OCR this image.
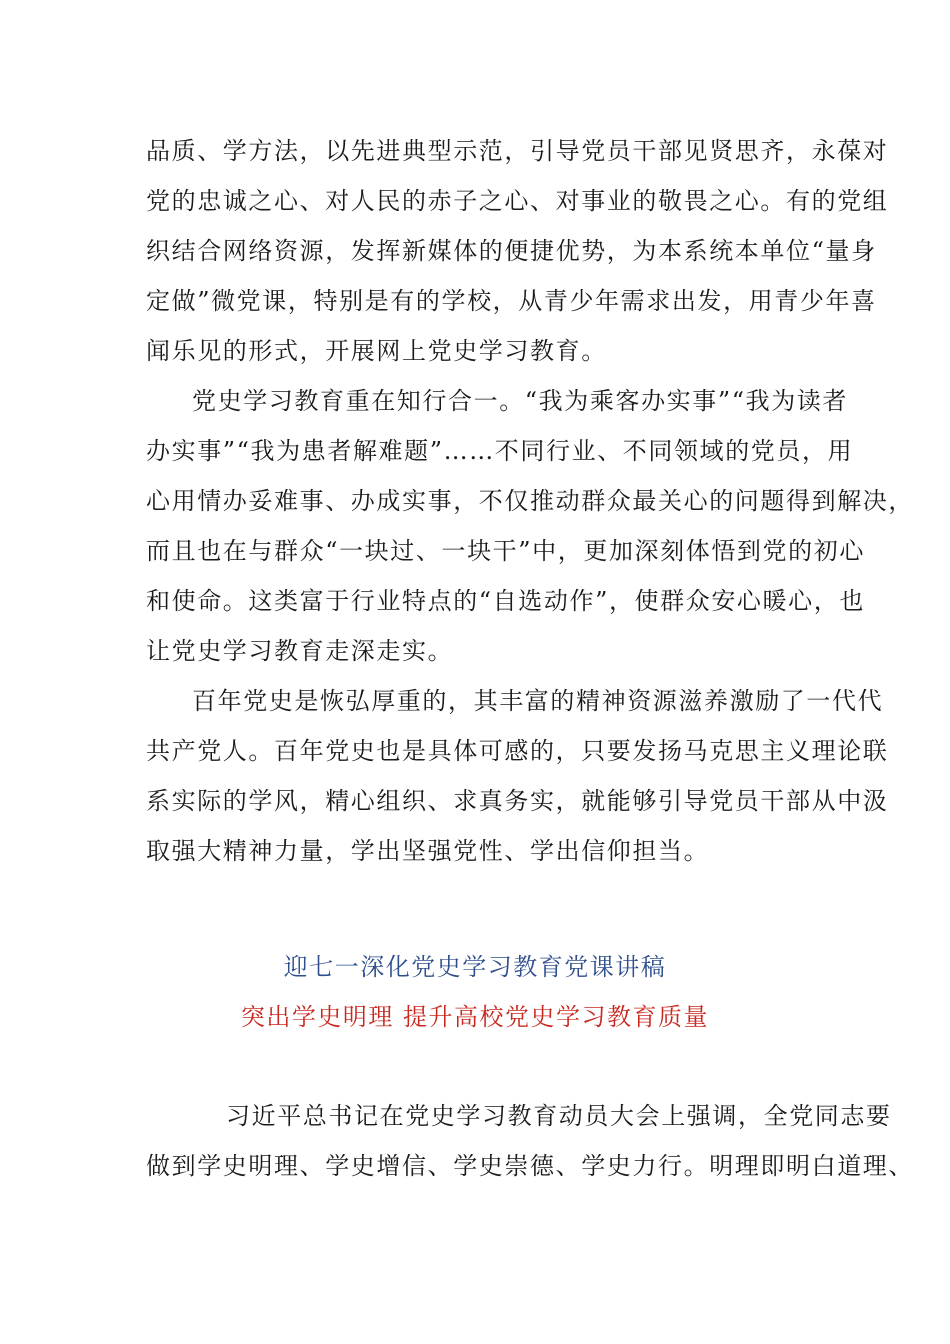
品质、学方法，以先进典型示范，引导党员干部见贤思齐，永葆对
党的忠诚之心、对人民的赤子之心、对事业的敬畏之心。有的党组
织结合网络资源，发挥新媒体的便捷优势，为本系统本单位“量身
定做”微党课，特别是有的学校，从青少年需求出发，用青少年喜
闻乐见的形式，开展网上党史学习教育。
党史学习教育重在知行合一。“我为乘客办实事”“我为读者
办实事”“我为患者解难题”……不同行业、不同领域的党员，用
心用情办妥难事、办成实事，不仅推动群众最关心的问题得到解决，
而且也在与群众“一块过、一块干”中，更加深刻体悟到党的初心
和使命。这类富于行业特点的“自选动作”，使群众安心暖心，也
让党史学习教育走深走实。
百年党史是恢弘厚重的，其丰富的精神资源滋养激励了一代代
共产党人。百年党史也是具体可感的，只要发扬马克思主义理论联
系实际的学风，精心组织、求真务实，就能够引导党员干部从中汲
取强大精神力量，学出坚强党性、学出信仰担当。
迎七一深化党史学习教育党课讲稿
突出学史明理 提升高校党史学习教育质量
习近平总书记在党史学习教育动员大会上强调，全党同志要
做到学史明理、学史增信、学史崇德、学史力行。明理即明白道理、
